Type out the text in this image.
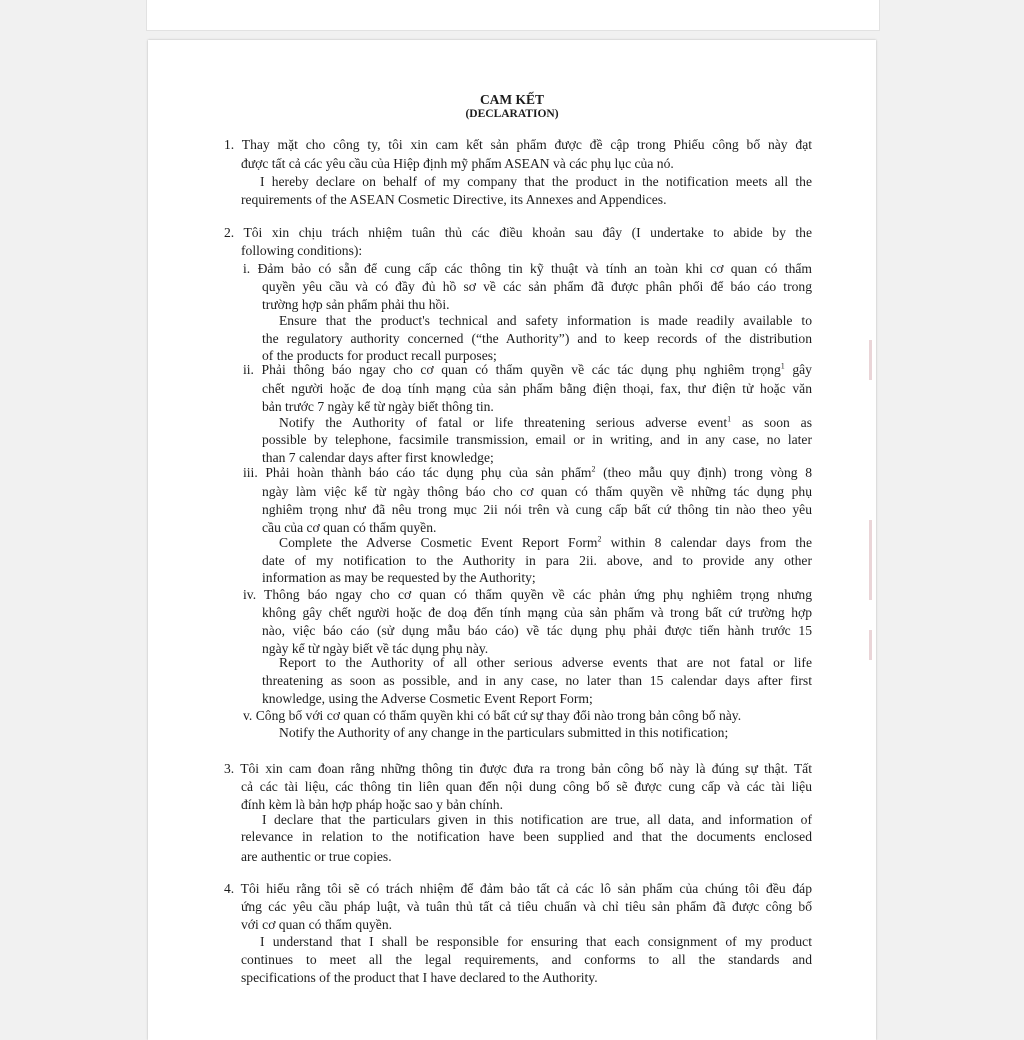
CAM KẾT
(DECLARATION)
1. Thay mặt cho công ty, tôi xin cam kết sản phẩm được đề cập trong Phiếu công bố này đạt
được tất cả các yêu cầu của Hiệp định mỹ phẩm ASEAN và các phụ lục của nó.
I hereby declare on behalf of my company that the product in the notification meets all the
requirements of the ASEAN Cosmetic Directive, its Annexes and Appendices.
2. Tôi xin chịu trách nhiệm tuân thủ các điều khoản sau đây (I undertake to abide by the
following conditions):
i. Đảm bảo có sẵn để cung cấp các thông tin kỹ thuật và tính an toàn khi cơ quan có thẩm
quyền yêu cầu và có đầy đủ hồ sơ về các sản phẩm đã được phân phối để báo cáo trong
trường hợp sản phẩm phải thu hồi.
Ensure that the product's technical and safety information is made readily available to
the regulatory authority concerned (“the Authority”) and to keep records of the distribution
of the products for product recall purposes;
ii. Phải thông báo ngay cho cơ quan có thẩm quyền về các tác dụng phụ nghiêm trọng$^1$ gây
chết người hoặc đe doạ tính mạng của sản phẩm bằng điện thoại, fax, thư điện tử hoặc văn
bản trước 7 ngày kể từ ngày biết thông tin.
Notify the Authority of fatal or life threatening serious adverse event$^1$ as soon as
possible by telephone, facsimile transmission, email or in writing, and in any case, no later
than 7 calendar days after first knowledge;
iii. Phải hoàn thành báo cáo tác dụng phụ của sản phẩm$^2$ (theo mẫu quy định) trong vòng 8
ngày làm việc kể từ ngày thông báo cho cơ quan có thẩm quyền về những tác dụng phụ
nghiêm trọng như đã nêu trong mục 2ii nói trên và cung cấp bất cứ thông tin nào theo yêu
cầu của cơ quan có thẩm quyền.
Complete the Adverse Cosmetic Event Report Form$^2$ within 8 calendar days from the
date of my notification to the Authority in para 2ii. above, and to provide any other
information as may be requested by the Authority;
iv. Thông báo ngay cho cơ quan có thẩm quyền về các phản ứng phụ nghiêm trọng nhưng
không gây chết người hoặc đe doạ đến tính mạng của sản phẩm và trong bất cứ trường hợp
nào, việc báo cáo (sử dụng mẫu báo cáo) về tác dụng phụ phải được tiến hành trước 15
ngày kể từ ngày biết về tác dụng phụ này.
Report to the Authority of all other serious adverse events that are not fatal or life
threatening as soon as possible, and in any case, no later than 15 calendar days after first
knowledge, using the Adverse Cosmetic Event Report Form;
v. Công bố với cơ quan có thẩm quyền khi có bất cứ sự thay đổi nào trong bản công bố này.
Notify the Authority of any change in the particulars submitted in this notification;
3. Tôi xin cam đoan rằng những thông tin được đưa ra trong bản công bố này là đúng sự thật. Tất
cả các tài liệu, các thông tin liên quan đến nội dung công bố sẽ được cung cấp và các tài liệu
đính kèm là bản hợp pháp hoặc sao y bản chính.
I declare that the particulars given in this notification are true, all data, and information of
relevance in relation to the notification have been supplied and that the documents enclosed
are authentic or true copies.
4. Tôi hiểu rằng tôi sẽ có trách nhiệm để đảm bảo tất cả các lô sản phẩm của chúng tôi đều đáp
ứng các yêu cầu pháp luật, và tuân thủ tất cả tiêu chuẩn và chỉ tiêu sản phẩm đã được công bố
với cơ quan có thẩm quyền.
I understand that I shall be responsible for ensuring that each consignment of my product
continues to meet all the legal requirements, and conforms to all the standards and
specifications of the product that I have declared to the Authority.
